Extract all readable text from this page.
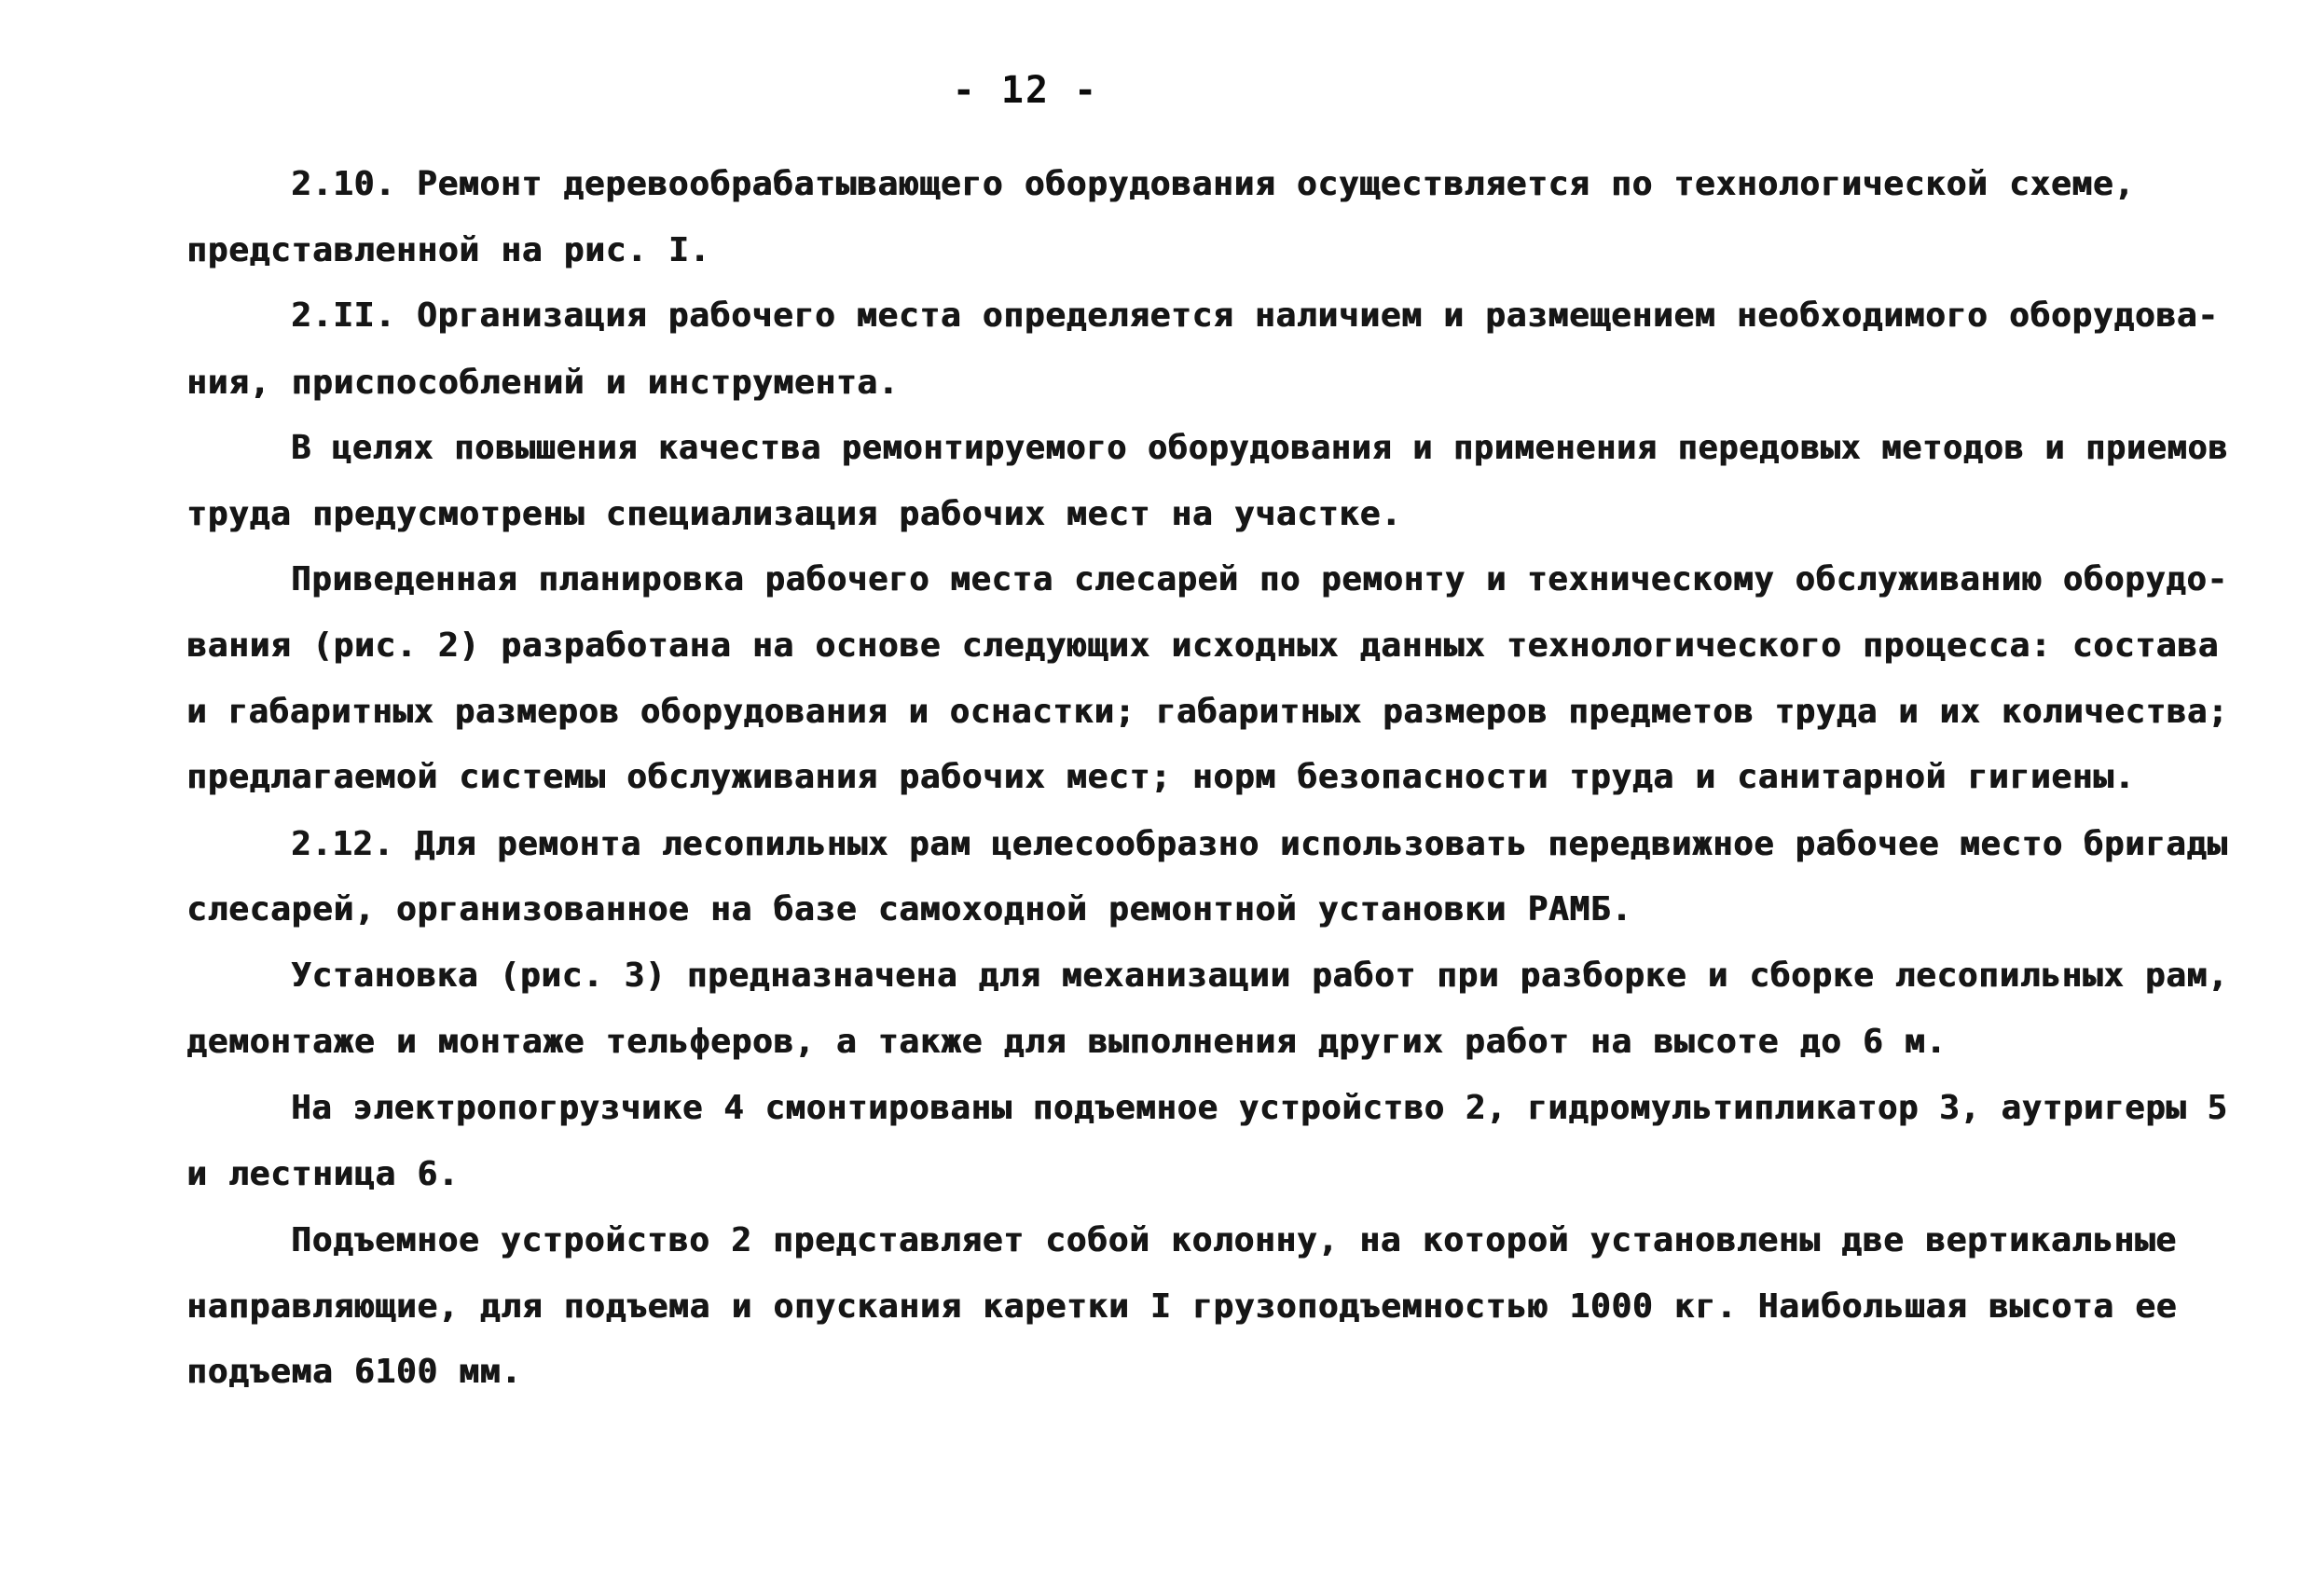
- 12 -
2.10. Ремонт деревообрабатывающего оборудования осуществляется по технологической схеме,
представленной на рис. I.
2.II. Организация рабочего места определяется наличием и размещением необходимого оборудова-
ния, приспособлений и инструмента.
В целях повышения качества ремонтируемого оборудования и применения передовых методов и приемов
труда предусмотрены специализация рабочих мест на участке.
Приведенная планировка рабочего места слесарей по ремонту и техническому обслуживанию оборудо-
вания (рис. 2) разработана на основе следующих исходных данных технологического процесса: состава
и габаритных размеров оборудования и оснастки; габаритных размеров предметов труда и их количества;
предлагаемой системы обслуживания рабочих мест; норм безопасности труда и санитарной гигиены.
2.12. Для ремонта лесопильных рам целесообразно использовать передвижное рабочее место бригады
слесарей, организованное на базе самоходной ремонтной установки РАМБ.
Установка (рис. 3) предназначена для механизации работ при разборке и сборке лесопильных рам,
демонтаже и монтаже тельферов, а также для выполнения других работ на высоте до 6 м.
На электропогрузчике 4 смонтированы подъемное устройство 2, гидромультипликатор 3, аутригеры 5
и лестница 6.
Подъемное устройство 2 представляет собой колонну, на которой установлены две вертикальные
направляющие, для подъема и опускания каретки I грузоподъемностью 1000 кг. Наибольшая высота ее
подъема 6100 мм.
